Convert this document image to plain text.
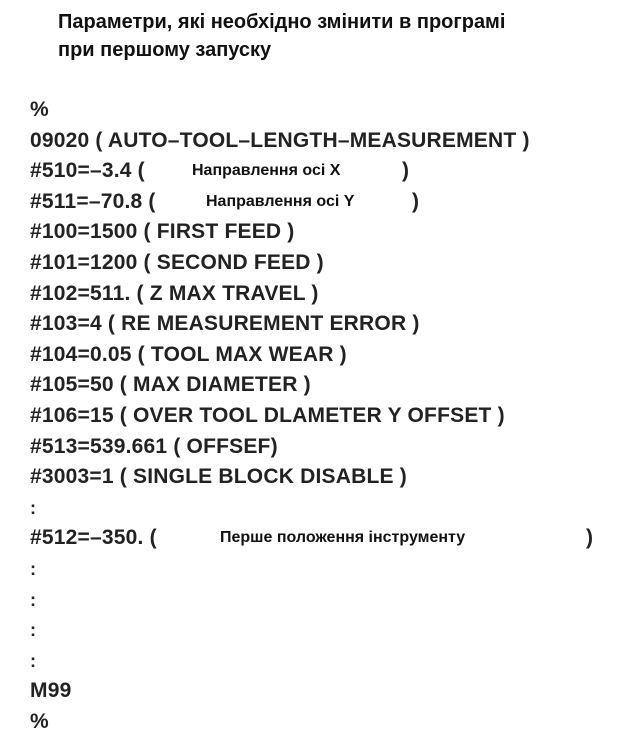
Параметри, які необхідно змінити в програмі
при першому запуску
%
09020 ( AUTO–TOOL–LENGTH–MEASUREMENT )
#510=–3.4 (	Направлення осі X	)
#511=–70.8 (	Направлення осі Y	)
#100=1500 ( FIRST FEED )
#101=1200 ( SECOND FEED )
#102=511. ( Z MAX TRAVEL )
#103=4 ( RE MEASUREMENT ERROR )
#104=0.05 ( TOOL MAX WEAR )
#105=50 ( MAX DIAMETER )
#106=15 ( OVER TOOL DLAMETER Y OFFSET )
#513=539.661 ( OFFSEF)
#3003=1 ( SINGLE BLOCK DISABLE )
:
#512=–350. (	Перше положення інструменту	)
:
:
:
:
M99
%
